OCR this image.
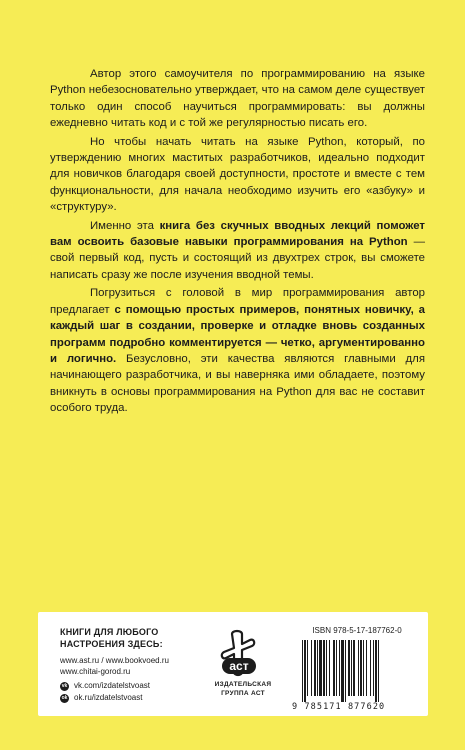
Автор этого самоучителя по программированию на языке Python небезосновательно утверждает, что на самом деле существует только один способ научиться программировать: вы должны ежедневно читать код и с той же регулярностью писать его.

Но чтобы начать читать на языке Python, который, по утверждению многих маститых разработчиков, идеально подходит для новичков благодаря своей доступности, простоте и вместе с тем функциональности, для начала необходимо изучить его «азбуку» и «структуру».

Именно эта книга без скучных вводных лекций поможет вам освоить базовые навыки программирования на Python — свой первый код, пусть и состоящий из двухтрех строк, вы сможете написать сразу же после изучения вводной темы.

Погрузиться с головой в мир программирования автор предлагает с помощью простых примеров, понятных новичку, а каждый шаг в создании, проверке и отладке вновь созданных программ подробно комментируется — четко, аргументированно и логично. Безусловно, эти качества являются главными для начинающего разработчика, и вы наверняка ими обладаете, поэтому вникнуть в основы программирования на Python для вас не составит особого труда.

КНИГИ ДЛЯ ЛЮБОГО
НАСТРОЕНИЯ ЗДЕСЬ:
www.ast.ru / www.bookvoed.ru
www.chitai-gorod.ru
vk vk.com/izdatelstvoast
ok ok.ru/izdatelstvoast
аст
ИЗДАТЕЛЬСКАЯ
ГРУППА АСТ
ISBN 978-5-17-187762-0
9 785171 877620
